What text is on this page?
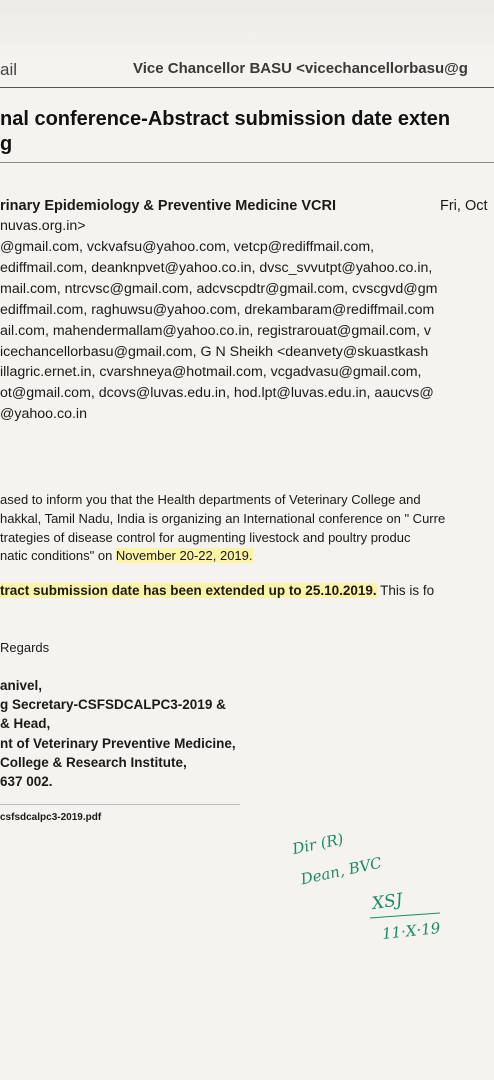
ail	Vice Chancellor BASU <vicechancellorbasu@g
nal conference-Abstract submission date exten
g
rinary Epidemiology & Preventive Medicine VCRI	Fri, Oct
nuvas.org.in>
@gmail.com, vckvafsu@yahoo.com, vetcp@rediffmail.com,
ediffmail.com, deanknpvet@yahoo.co.in, dvsc_svvutpt@yahoo.co.in,
mail.com, ntrcvsc@gmail.com, adcvscpdtr@gmail.com, cvscgvd@gm
ediffmail.com, raghuwsu@yahoo.com, drekambaram@rediffmail.com
ail.com, mahendermallam@yahoo.co.in, registrarouat@gmail.com, v
icechancellorbasu@gmail.com, G N Sheikh <deanvety@skuastkash
illagric.ernet.in, cvarshneya@hotmail.com, vcgadvasu@gmail.com,
ot@gmail.com, dcovs@luvas.edu.in, hod.lpt@luvas.edu.in, aaucvs@
@yahoo.co.in
ased to inform you that the Health departments of Veterinary College and
hakkal, Tamil Nadu, India is organizing an International conference on " Curre
trategies of disease control for augmenting livestock and poultry produc
natic conditions" on November 20-22, 2019.
tract submission date has been extended up to 25.10.2019. This is fo
Regards
anivel,
g Secretary-CSFSDCALPC3-2019 &
& Head,
nt of Veterinary Preventive Medicine,
College & Research Institute,
637 002.
csfsdcalpc3-2019.pdf
Dir (R)
Dean, BVC
XSJ
11·X·19
